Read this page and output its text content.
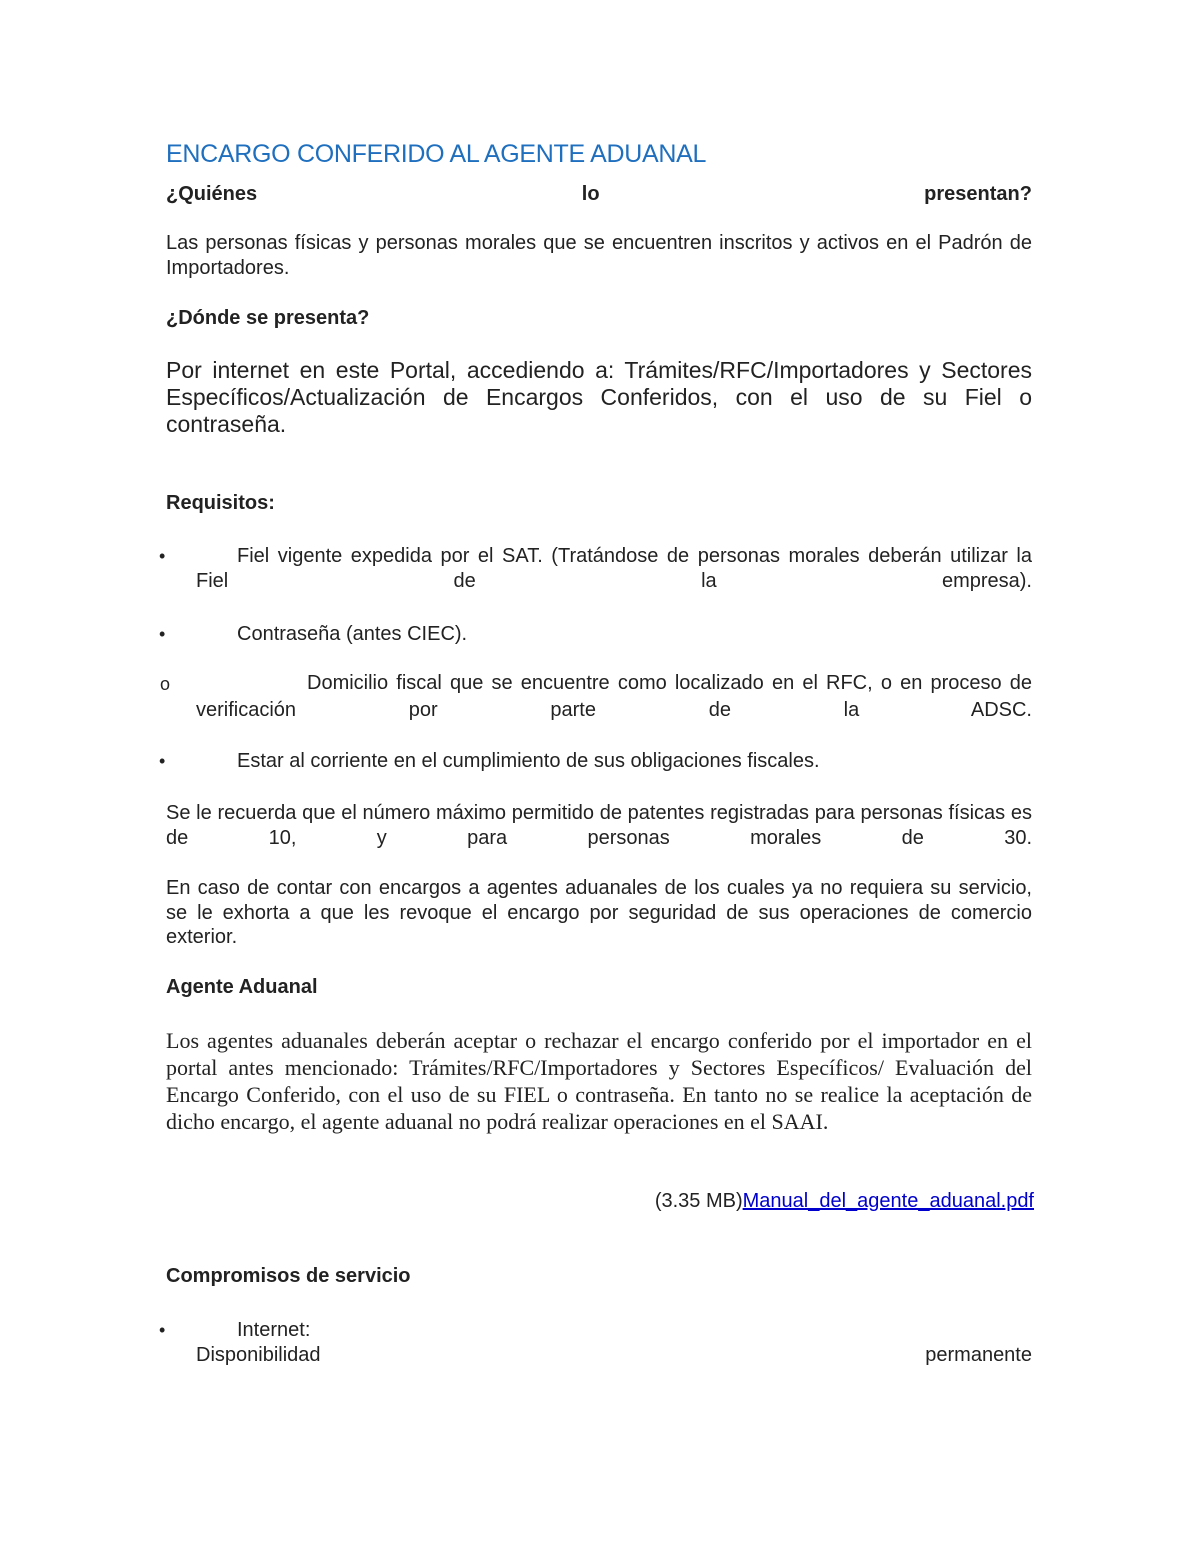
ENCARGO CONFERIDO AL AGENTE ADUANAL
¿Quiénes	lo	presentan?

Las personas físicas y personas morales que se encuentren inscritos y activos en el Padrón de Importadores.

¿Dónde se presenta?

Por internet en este Portal, accediendo a: Trámites/RFC/Importadores y Sectores Específicos/Actualización de Encargos Conferidos, con el uso de su Fiel o contraseña.

Requisitos:
•	Fiel vigente expedida por el SAT. (Tratándose de personas morales deberán utilizar la Fiel de la empresa).

•	Contraseña (antes CIEC).

o	Domicilio fiscal que se encuentre como localizado en el RFC, o en proceso de verificación por parte de la ADSC.

•	Estar al corriente en el cumplimiento de sus obligaciones fiscales.

Se le recuerda que el número máximo permitido de patentes registradas para personas físicas es de 10, y para personas morales de 30.

En caso de contar con encargos a agentes aduanales de los cuales ya no requiera su servicio, se le exhorta a que les revoque el encargo por seguridad de sus operaciones de comercio exterior.

Agente Aduanal

Los agentes aduanales deberán aceptar o rechazar el encargo conferido por el importador en el portal antes mencionado: Trámites/RFC/Importadores y Sectores Específicos/ Evaluación del Encargo Conferido, con el uso de su FIEL o contraseña. En tanto no se realice la aceptación de dicho encargo, el agente aduanal no podrá realizar operaciones en el SAAI.

(3.35 MB)Manual_del_agente_aduanal.pdf
Compromisos de servicio
•	Internet:
Disponibilidad	permanente
